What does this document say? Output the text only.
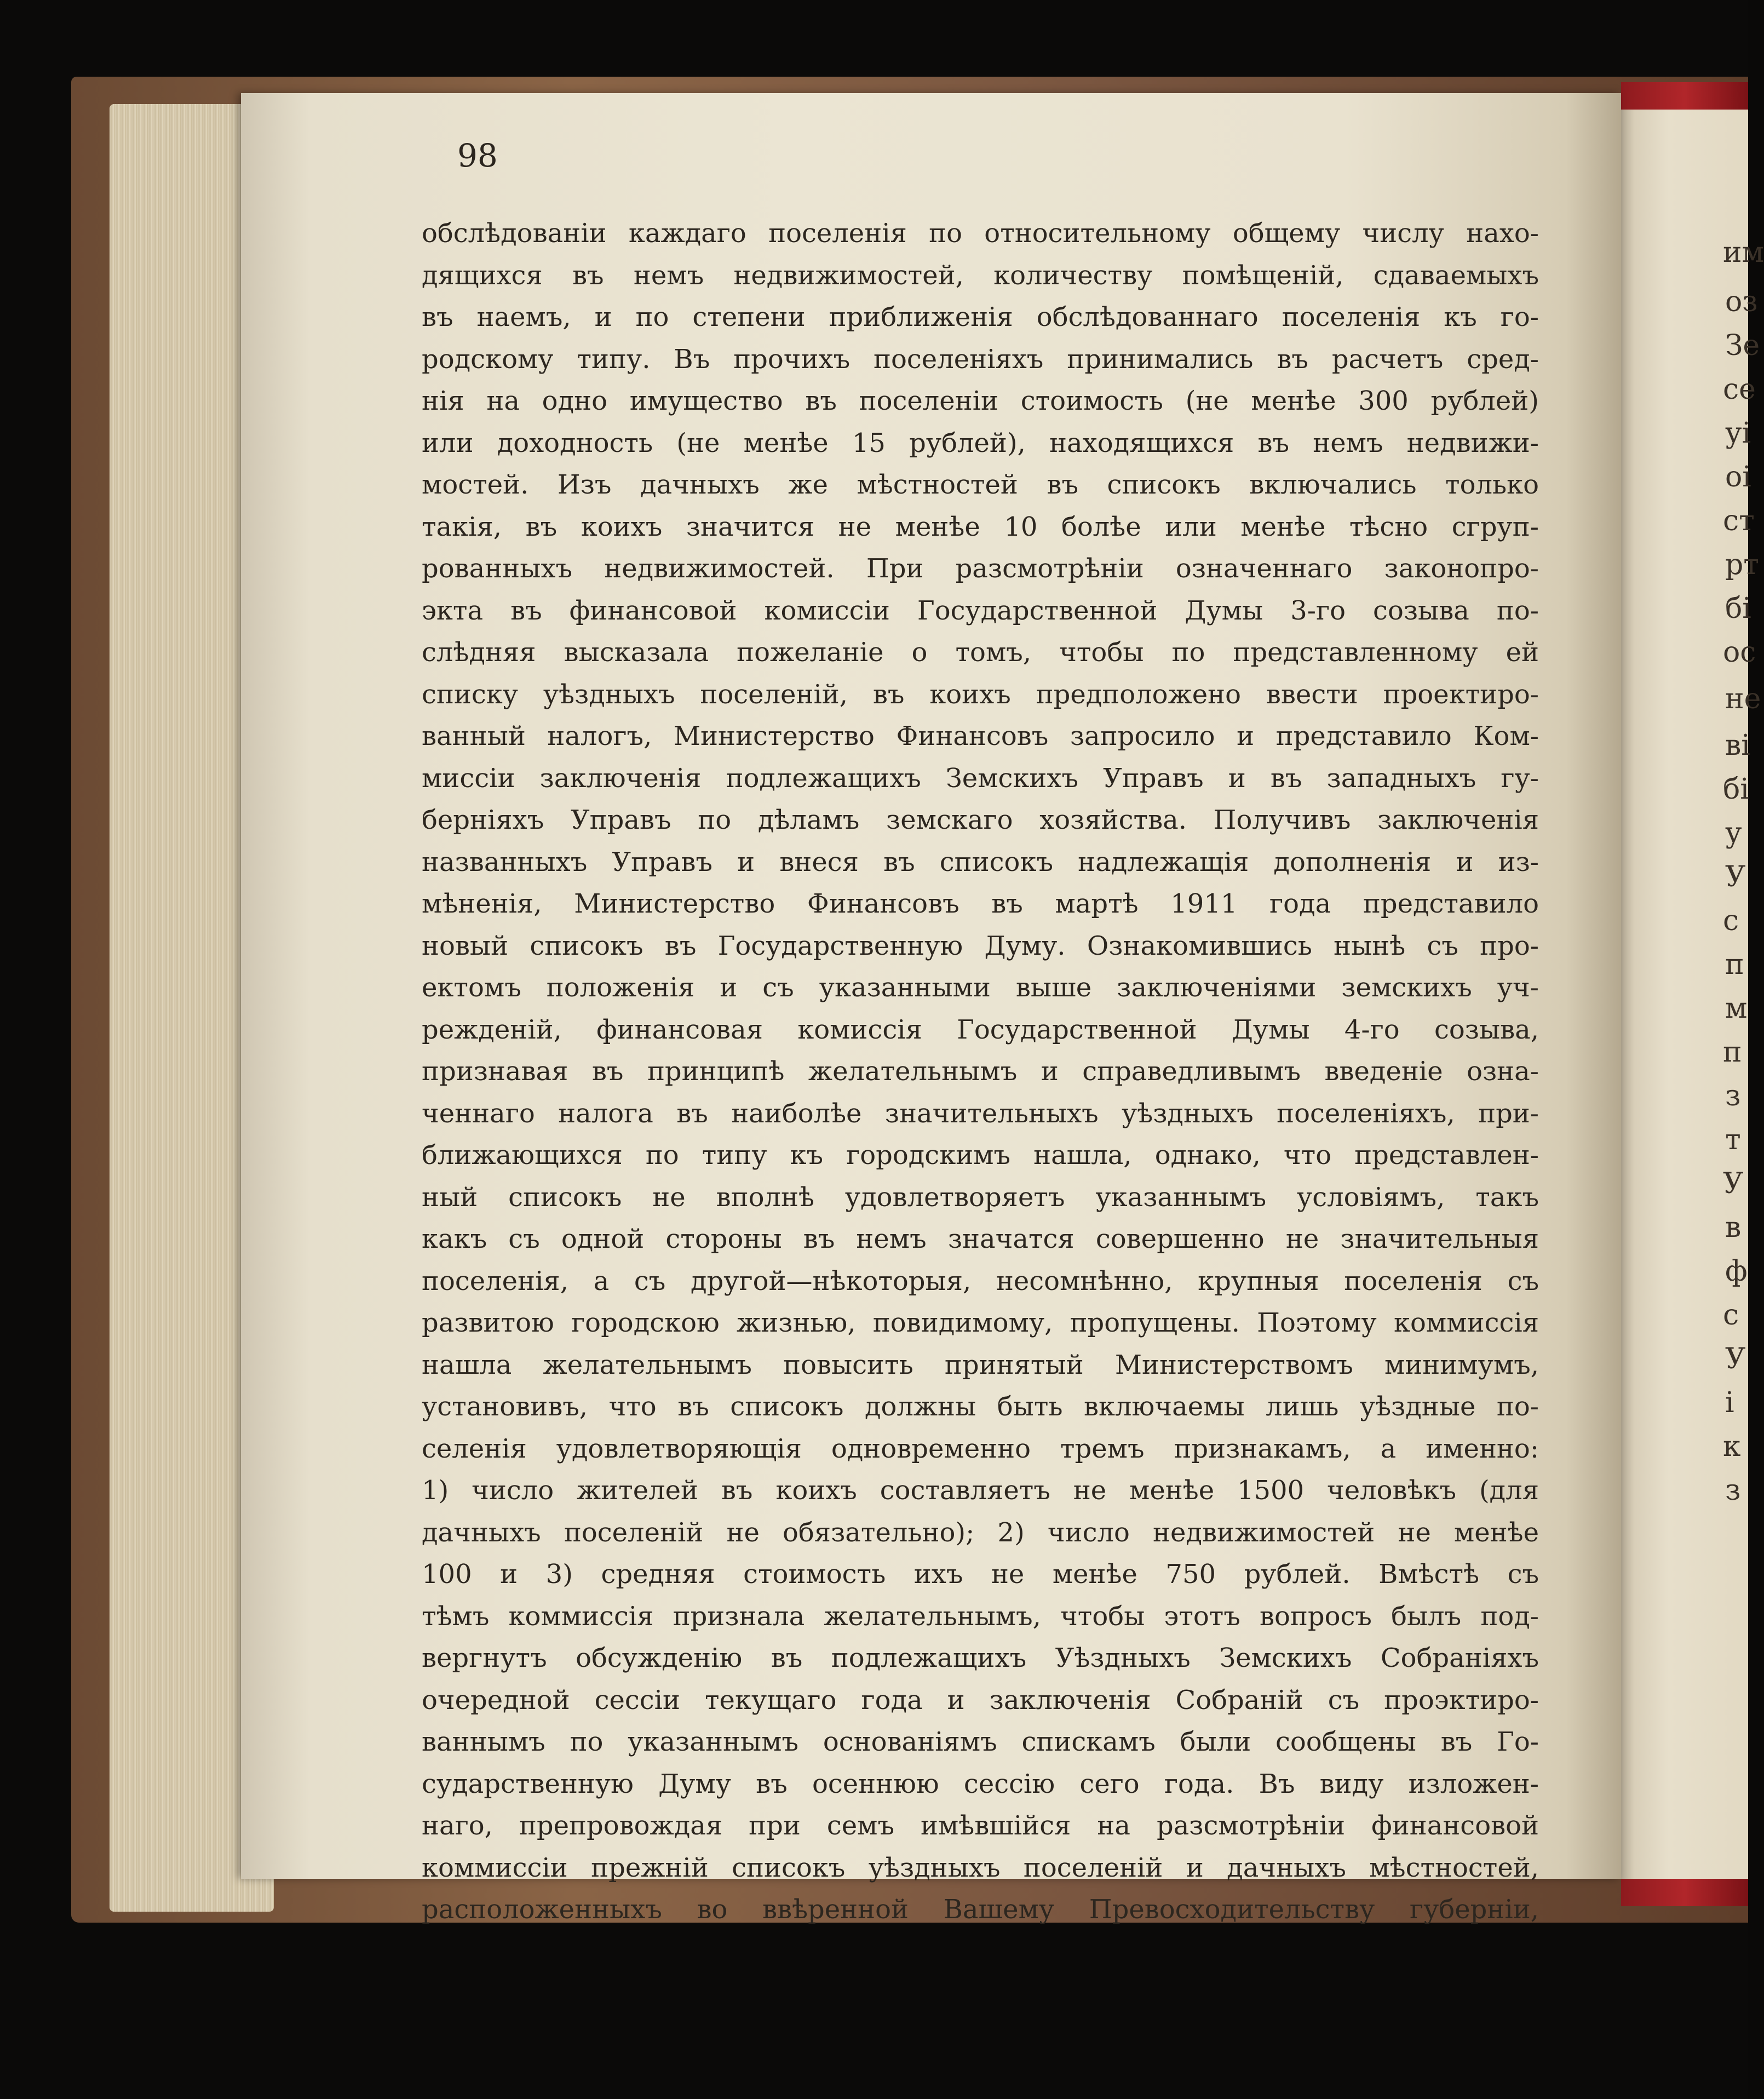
им
оз
Зе
се
уі
оі
ст
рт
бі
ос
не
ві
бі
у
У
с
п
м
п
з
т
У
в
ф
с
У
і
к
з

98

обслѣдованіи каждаго поселенія по относительному общему числу нахо-
дящихся въ немъ недвижимостей, количеству помѣщеній, сдаваемыхъ
въ наемъ, и по степени приближенія обслѣдованнаго поселенія къ го-
родскому типу. Въ прочихъ поселеніяхъ принимались въ расчетъ сред-
нія на одно имущество въ поселеніи стоимость (не менѣе 300 рублей)
или доходность (не менѣе 15 рублей), находящихся въ немъ недвижи-
мостей. Изъ дачныхъ же мѣстностей въ списокъ включались только
такія, въ коихъ значится не менѣе 10 болѣе или менѣе тѣсно сгруп-
рованныхъ недвижимостей. При разсмотрѣніи означеннаго законопро-
экта въ финансовой комиссіи Государственной Думы 3-го созыва по-
слѣдняя высказала пожеланіе о томъ, чтобы по представленному ей
списку уѣздныхъ поселеній, въ коихъ предположено ввести проектиро-
ванный налогъ, Министерство Финансовъ запросило и представило Ком-
миссіи заключенія подлежащихъ Земскихъ Управъ и въ западныхъ гу-
берніяхъ Управъ по дѣламъ земскаго хозяйства. Получивъ заключенія
названныхъ Управъ и внеся въ списокъ надлежащія дополненія и из-
мѣненія, Министерство Финансовъ въ мартѣ 1911 года представило
новый списокъ въ Государственную Думу. Ознакомившись нынѣ съ про-
ектомъ положенія и съ указанными выше заключеніями земскихъ уч-
режденій, финансовая комиссія Государственной Думы 4-го созыва,
признавая въ принципѣ желательнымъ и справедливымъ введеніе озна-
ченнаго налога въ наиболѣе значительныхъ уѣздныхъ поселеніяхъ, при-
ближающихся по типу къ городскимъ нашла, однако, что представлен-
ный списокъ не вполнѣ удовлетворяетъ указаннымъ условіямъ, такъ
какъ съ одной стороны въ немъ значатся совершенно не значительныя
поселенія, а съ другой—нѣкоторыя, несомнѣнно, крупныя поселенія съ
развитою городскою жизнью, повидимому, пропущены. Поэтому коммиссія
нашла желательнымъ повысить принятый Министерствомъ минимумъ,
установивъ, что въ списокъ должны быть включаемы лишь уѣздные по-
селенія удовлетворяющія одновременно тремъ признакамъ, а именно:
1) число жителей въ коихъ составляетъ не менѣе 1500 человѣкъ (для
дачныхъ поселеній не обязательно); 2) число недвижимостей не менѣе
100 и 3) средняя стоимость ихъ не менѣе 750 рублей. Вмѣстѣ съ
тѣмъ коммиссія признала желательнымъ, чтобы этотъ вопросъ былъ под-
вергнутъ обсужденію въ подлежащихъ Уѣздныхъ Земскихъ Собраніяхъ
очередной сессіи текущаго года и заключенія Собраній съ проэктиро-
ваннымъ по указаннымъ основаніямъ спискамъ были сообщены въ Го-
сударственную Думу въ осеннюю сессію сего года. Въ виду изложен-
наго, препровождая при семъ имѣвшійся на разсмотрѣніи финансовой
коммиссіи прежній списокъ уѣздныхъ поселеній и дачныхъ мѣстностей,
расположенныхъ во ввѣренной Вашему Превосходительству губерніи,
